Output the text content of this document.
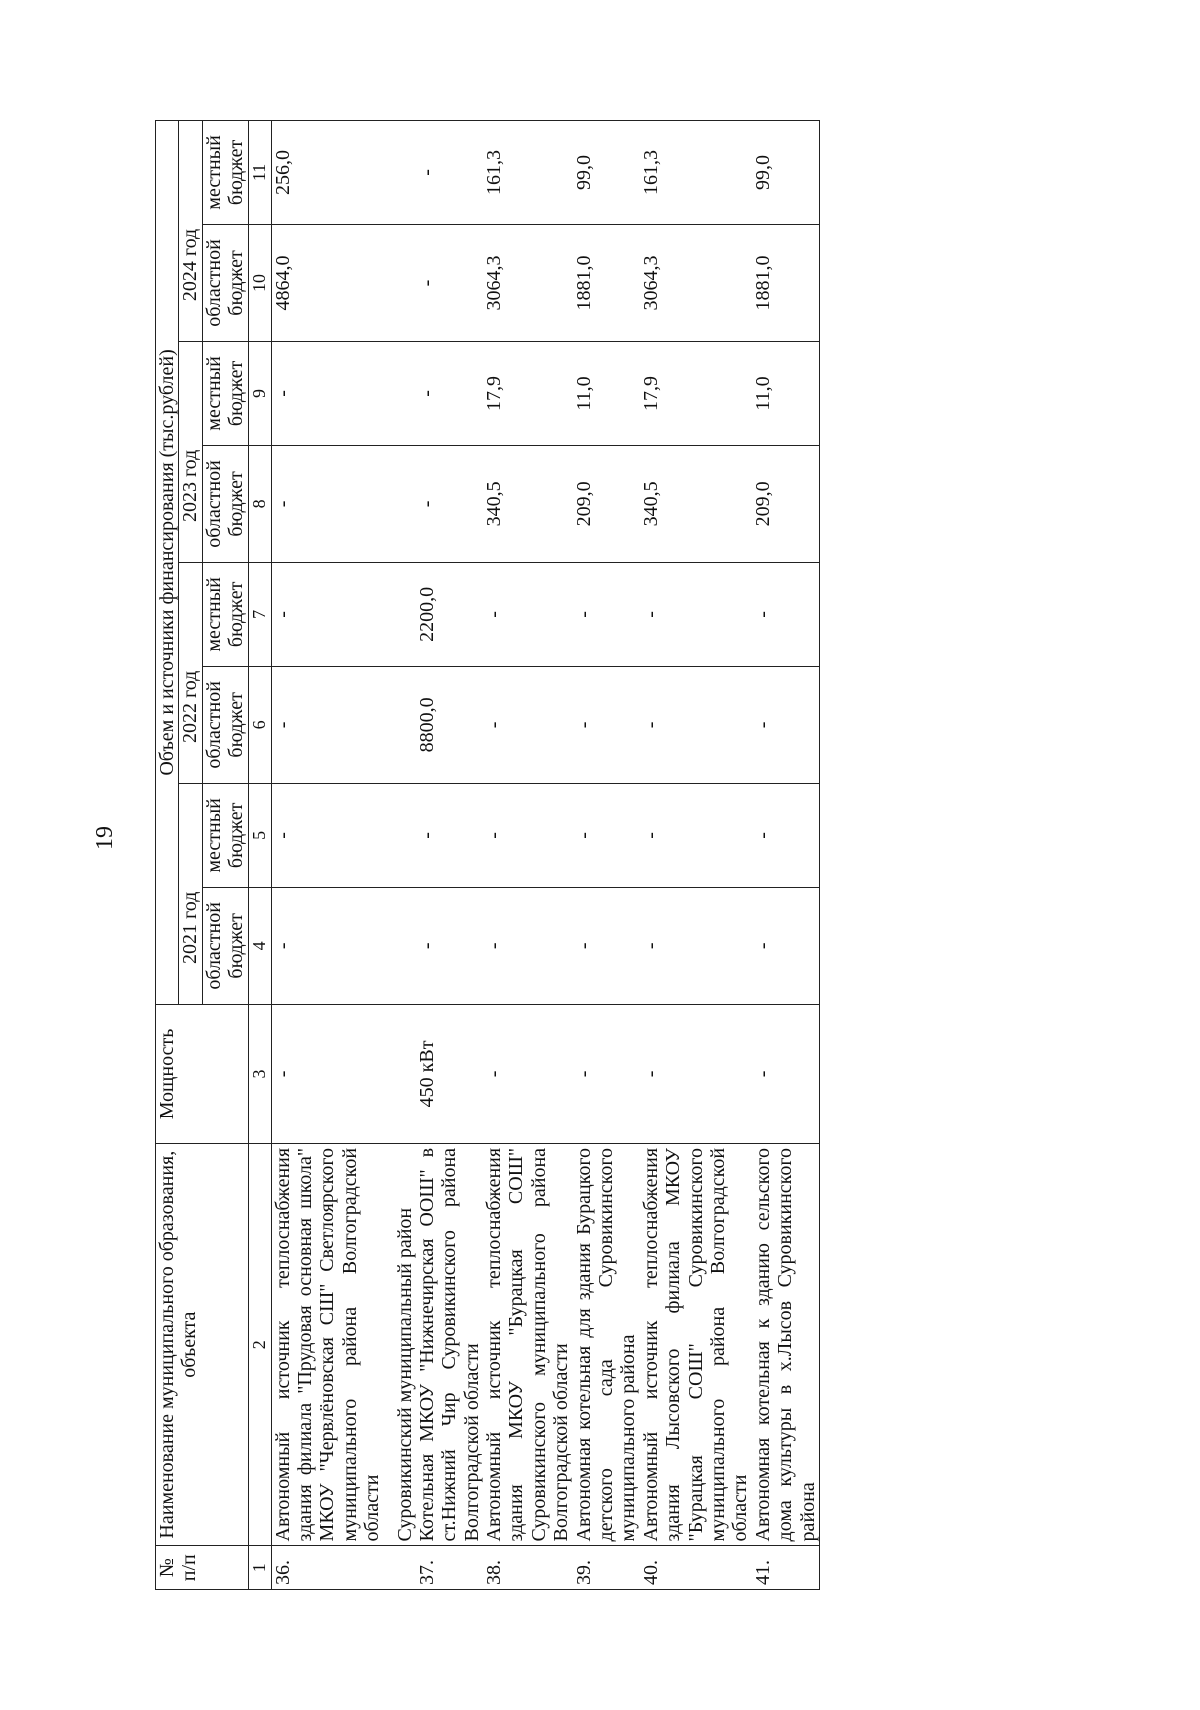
19
№ п/п	Наименование муниципального образования, объекта	Мощность	Объем и источники финансирования (тыс.рублей)							
			2021 год		2022 год		2023 год		2024 год	
			областной бюджет	местный бюджет	областной бюджет	местный бюджет	областной бюджет	местный бюджет	областной бюджет	местный бюджет
1	2	3	4	5	6	7	8	9	10	11
36.	Автономный источник теплоснабжения здания филиала "Прудовая основная школа" МКОУ "Червлёновская СШ" Светлоярского муниципального района Волгоградской области	-	-	-	-	-	-	-	4864,0	256,0
	Суровикинский муниципальный район									
37.	Котельная МКОУ "Нижнечирская ООШ" в ст.Нижний Чир Суровикинского района Волгоградской области	450 кВт	-	-	8800,0	2200,0	-	-	-	-
38.	Автономный источник теплоснабжения здания МКОУ "Бурацкая СОШ" Суровикинского муниципального района Волгоградской области	-	-	-	-	-	340,5	17,9	3064,3	161,3
39.	Автономная котельная для здания Бурацкого детского сада Суровикинского муниципального района	-	-	-	-	-	209,0	11,0	1881,0	99,0
40.	Автономный источник теплоснабжения здания Лысовского филиала МКОУ "Бурацкая СОШ" Суровикинского муниципального района Волгоградской области	-	-	-	-	-	340,5	17,9	3064,3	161,3
41.	Автономная котельная к зданию сельского дома культуры в х.Лысов Суровикинского района	-	-	-	-	-	209,0	11,0	1881,0	99,0
